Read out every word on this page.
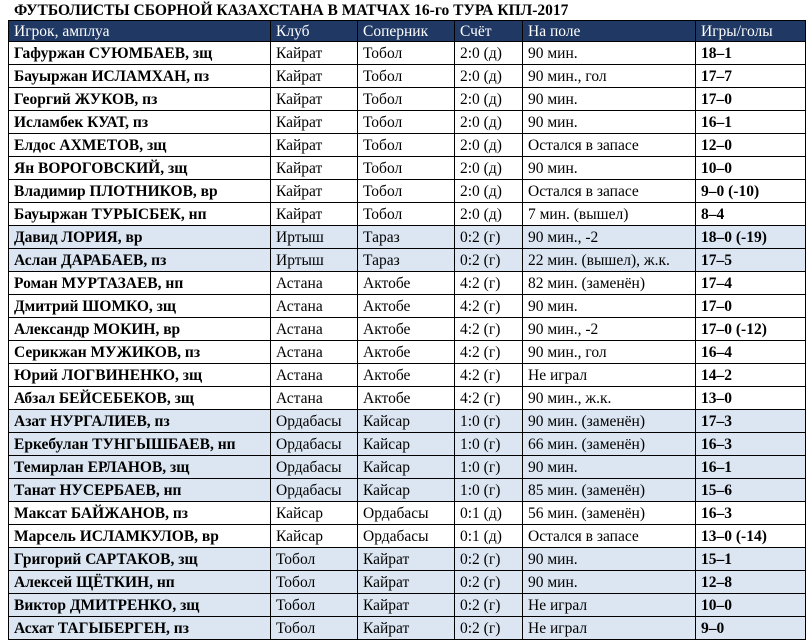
ФУТБОЛИСТЫ СБОРНОЙ КАЗАХСТАНА В МАТЧАХ 16-го ТУРА КПЛ-2017
Игрок, амплуа	Клуб	Соперник	Счёт	На поле	Игры/голы
Гафуржан СУЮМБАЕВ, зщ	Кайрат	Тобол	2:0 (д)	90 мин.	18–1
Бауыржан ИСЛАМХАН, пз	Кайрат	Тобол	2:0 (д)	90 мин., гол	17–7
Георгий ЖУКОВ, пз	Кайрат	Тобол	2:0 (д)	90 мин.	17–0
Исламбек КУАТ, пз	Кайрат	Тобол	2:0 (д)	90 мин.	16–1
Елдос АХМЕТОВ, зщ	Кайрат	Тобол	2:0 (д)	Остался в запасе	12–0
Ян ВОРОГОВСКИЙ, зщ	Кайрат	Тобол	2:0 (д)	90 мин.	10–0
Владимир ПЛОТНИКОВ, вр	Кайрат	Тобол	2:0 (д)	Остался в запасе	9–0 (-10)
Бауыржан ТУРЫСБЕК, нп	Кайрат	Тобол	2:0 (д)	7 мин. (вышел)	8–4
Давид ЛОРИЯ, вр	Иртыш	Тараз	0:2 (г)	90 мин., -2	18–0 (-19)
Аслан ДАРАБАЕВ, пз	Иртыш	Тараз	0:2 (г)	22 мин. (вышел), ж.к.	17–5
Роман МУРТАЗАЕВ, нп	Астана	Актобе	4:2 (г)	82 мин. (заменён)	17–4
Дмитрий ШОМКО, зщ	Астана	Актобе	4:2 (г)	90 мин.	17–0
Александр МОКИН, вр	Астана	Актобе	4:2 (г)	90 мин., -2	17–0 (-12)
Серикжан МУЖИКОВ, пз	Астана	Актобе	4:2 (г)	90 мин., гол	16–4
Юрий ЛОГВИНЕНКО, зщ	Астана	Актобе	4:2 (г)	Не играл	14–2
Абзал БЕЙСЕБЕКОВ, зщ	Астана	Актобе	4:2 (г)	90 мин., ж.к.	13–0
Азат НУРГАЛИЕВ, пз	Ордабасы	Кайсар	1:0 (г)	90 мин. (заменён)	17–3
Еркебулан ТУНГЫШБАЕВ, нп	Ордабасы	Кайсар	1:0 (г)	66 мин. (заменён)	16–3
Темирлан ЕРЛАНОВ, зщ	Ордабасы	Кайсар	1:0 (г)	90 мин.	16–1
Танат НУСЕРБАЕВ, нп	Ордабасы	Кайсар	1:0 (г)	85 мин. (заменён)	15–6
Максат БАЙЖАНОВ, пз	Кайсар	Ордабасы	0:1 (д)	56 мин. (заменён)	16–3
Марсель ИСЛАМКУЛОВ, вр	Кайсар	Ордабасы	0:1 (д)	Остался в запасе	13–0 (-14)
Григорий САРТАКОВ, зщ	Тобол	Кайрат	0:2 (г)	90 мин.	15–1
Алексей ЩЁТКИН, нп	Тобол	Кайрат	0:2 (г)	90 мин.	12–8
Виктор ДМИТРЕНКО, зщ	Тобол	Кайрат	0:2 (г)	Не играл	10–0
Асхат ТАГЫБЕРГЕН, пз	Тобол	Кайрат	0:2 (г)	Не играл	9–0
